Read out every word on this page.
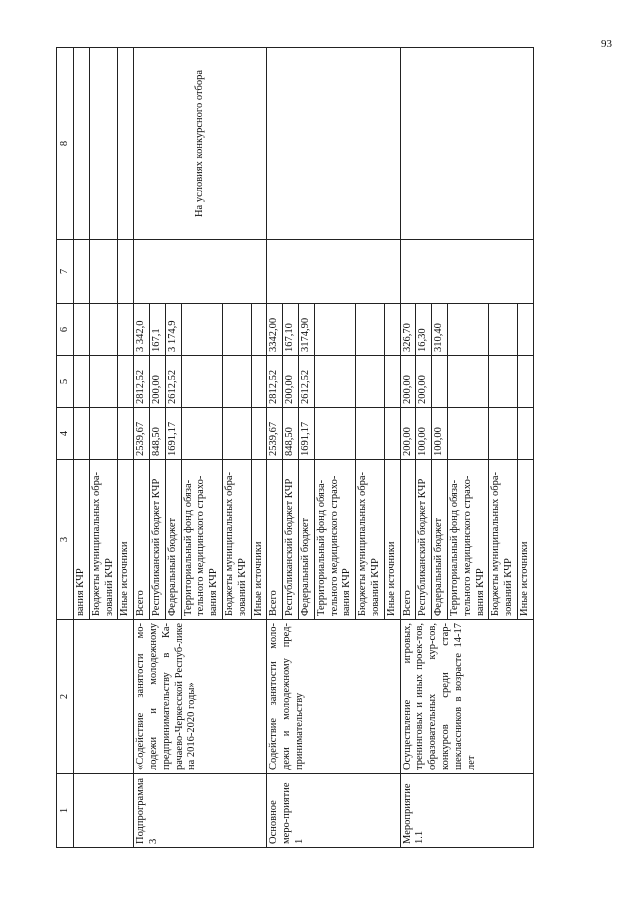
93
1	2	3	4	5	6	7	8
		вания КЧР					
		Бюджеты муниципальных обра-зований КЧР					
		Иные источники					
Подпрограмма 3	«Содействие занятости мо-лодежи и молодежному предпринимательству в Ка-рачаево-Черкесской Респуб-лике на 2016-2020 годы»	Всего	2539,67	2812,52	3 342,0		На условиях конкурсного отбора
		Республиканский бюджет КЧР	848,50	200,00	167,1		
		Федеральный бюджет	1691,17	2612,52	3 174,9		
		Территориальный фонд обяза-тельного медицинского страхо-вания КЧР					
		Бюджеты муниципальных обра-зований КЧР					
		Иные источники					
Основное меро-приятие 1	Содействие занятости моло-дежи и молодежному пред-принимательству	Всего	2539,67	2812,52	3342,00		
		Республиканский бюджет КЧР	848,50	200,00	167,10		
		Федеральный бюджет	1691,17	2612,52	3174,90		
		Территориальный фонд обяза-тельного медицинского страхо-вания КЧР					
		Бюджеты муниципальных обра-зований КЧР					
		Иные источники					
Мероприятие 1.1	Осуществление игровых, тренинговых и иных проек-тов, образовательных кур-сов, конкурсов среди стар-шеклассников в возрасте 14-17 лет	Всего	200,00	200,00	326,70		
		Республиканский бюджет КЧР	100,00	200,00	16,30		
		Федеральный бюджет	100,00		310,40		
		Территориальный фонд обяза-тельного медицинского страхо-вания КЧР					
		Бюджеты муниципальных обра-зований КЧР					
		Иные источники					
